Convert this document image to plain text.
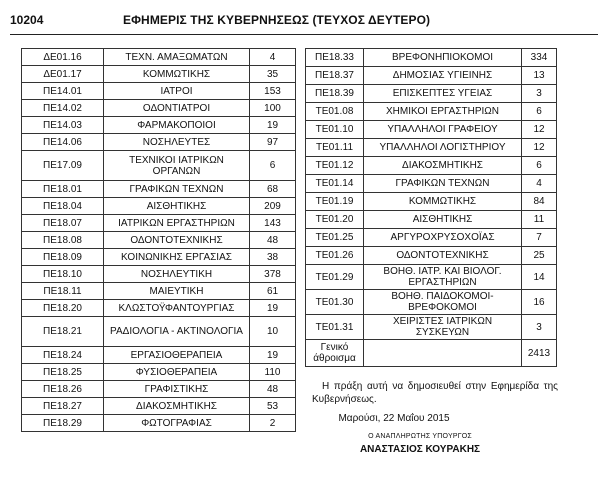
10204	ΕΦΗΜΕΡΙΣ ΤΗΣ ΚΥΒΕΡΝΗΣΕΩΣ (ΤΕΥΧΟΣ ΔΕΥΤΕΡΟ)
ΔΕ01.16	ΤΕΧΝ. ΑΜΑΞΩΜΑΤΩΝ	4
ΔΕ01.17	ΚΟΜΜΩΤΙΚΗΣ	35
ΠΕ14.01	ΙΑΤΡΟΙ	153
ΠΕ14.02	ΟΔΟΝΤΙΑΤΡΟΙ	100
ΠΕ14.03	ΦΑΡΜΑΚΟΠΟΙΟΙ	19
ΠΕ14.06	ΝΟΣΗΛΕΥΤΕΣ	97
ΠΕ17.09	ΤΕΧΝΙΚΟΙ ΙΑΤΡΙΚΩΝ ΟΡΓΑΝΩΝ	6
ΠΕ18.01	ΓΡΑΦΙΚΩΝ ΤΕΧΝΩΝ	68
ΠΕ18.04	ΑΙΣΘΗΤΙΚΗΣ	209
ΠΕ18.07	ΙΑΤΡΙΚΩΝ ΕΡΓΑΣΤΗΡΙΩΝ	143
ΠΕ18.08	ΟΔΟΝΤΟΤΕΧΝΙΚΗΣ	48
ΠΕ18.09	ΚΟΙΝΩΝΙΚΗΣ ΕΡΓΑΣΙΑΣ	38
ΠΕ18.10	ΝΟΣΗΛΕΥΤΙΚΗ	378
ΠΕ18.11	ΜΑΙΕΥΤΙΚΗ	61
ΠΕ18.20	ΚΛΩΣΤΟΫΦΑΝΤΟΥΡΓΙΑΣ	19
ΠΕ18.21	ΡΑΔΙΟΛΟΓΙΑ - ΑΚΤΙΝΟΛΟΓΙΑ	10
ΠΕ18.24	ΕΡΓΑΣΙΟΘΕΡΑΠΕΙΑ	19
ΠΕ18.25	ΦΥΣΙΟΘΕΡΑΠΕΙΑ	110
ΠΕ18.26	ΓΡΑΦΙΣΤΙΚΗΣ	48
ΠΕ18.27	ΔΙΑΚΟΣΜΗΤΙΚΗΣ	53
ΠΕ18.29	ΦΩΤΟΓΡΑΦΙΑΣ	2
ΠΕ18.33	ΒΡΕΦΟΝΗΠΙΟΚΟΜΟΙ	334
ΠΕ18.37	ΔΗΜΟΣΙΑΣ ΥΓΙΕΙΝΗΣ	13
ΠΕ18.39	ΕΠΙΣΚΕΠΤΕΣ ΥΓΕΙΑΣ	3
ΤΕ01.08	ΧΗΜΙΚΟΙ ΕΡΓΑΣΤΗΡΙΩΝ	6
ΤΕ01.10	ΥΠΑΛΛΗΛΟΙ ΓΡΑΦΕΙΟΥ	12
ΤΕ01.11	ΥΠΑΛΛΗΛΟΙ ΛΟΓΙΣΤΗΡΙΟΥ	12
ΤΕ01.12	ΔΙΑΚΟΣΜΗΤΙΚΗΣ	6
ΤΕ01.14	ΓΡΑΦΙΚΩΝ ΤΕΧΝΩΝ	4
ΤΕ01.19	ΚΟΜΜΩΤΙΚΗΣ	84
ΤΕ01.20	ΑΙΣΘΗΤΙΚΗΣ	11
ΤΕ01.25	ΑΡΓΥΡΟΧΡΥΣΟΧΟΪΑΣ	7
ΤΕ01.26	ΟΔΟΝΤΟΤΕΧΝΙΚΗΣ	25
ΤΕ01.29	ΒΟΗΘ. ΙΑΤΡ. ΚΑΙ ΒΙΟΛΟΓ. ΕΡΓΑΣΤΗΡΙΩΝ	14
ΤΕ01.30	ΒΟΗΘ. ΠΑΙΔΟΚΟΜΟΙ-ΒΡΕΦΟΚΟΜΟΙ	16
ΤΕ01.31	ΧΕΙΡΙΣΤΕΣ ΙΑΤΡΙΚΩΝ ΣΥΣΚΕΥΩΝ	3
Γενικό άθροισμα		2413
Η πράξη αυτή να δημοσιευθεί στην Εφημερίδα της Κυβερνήσεως.
Μαρούσι, 22 Μαΐου 2015
Ο ΑΝΑΠΛΗΡΩΤΗΣ ΥΠΟΥΡΓΟΣ
ΑΝΑΣΤΑΣΙΟΣ ΚΟΥΡΑΚΗΣ
